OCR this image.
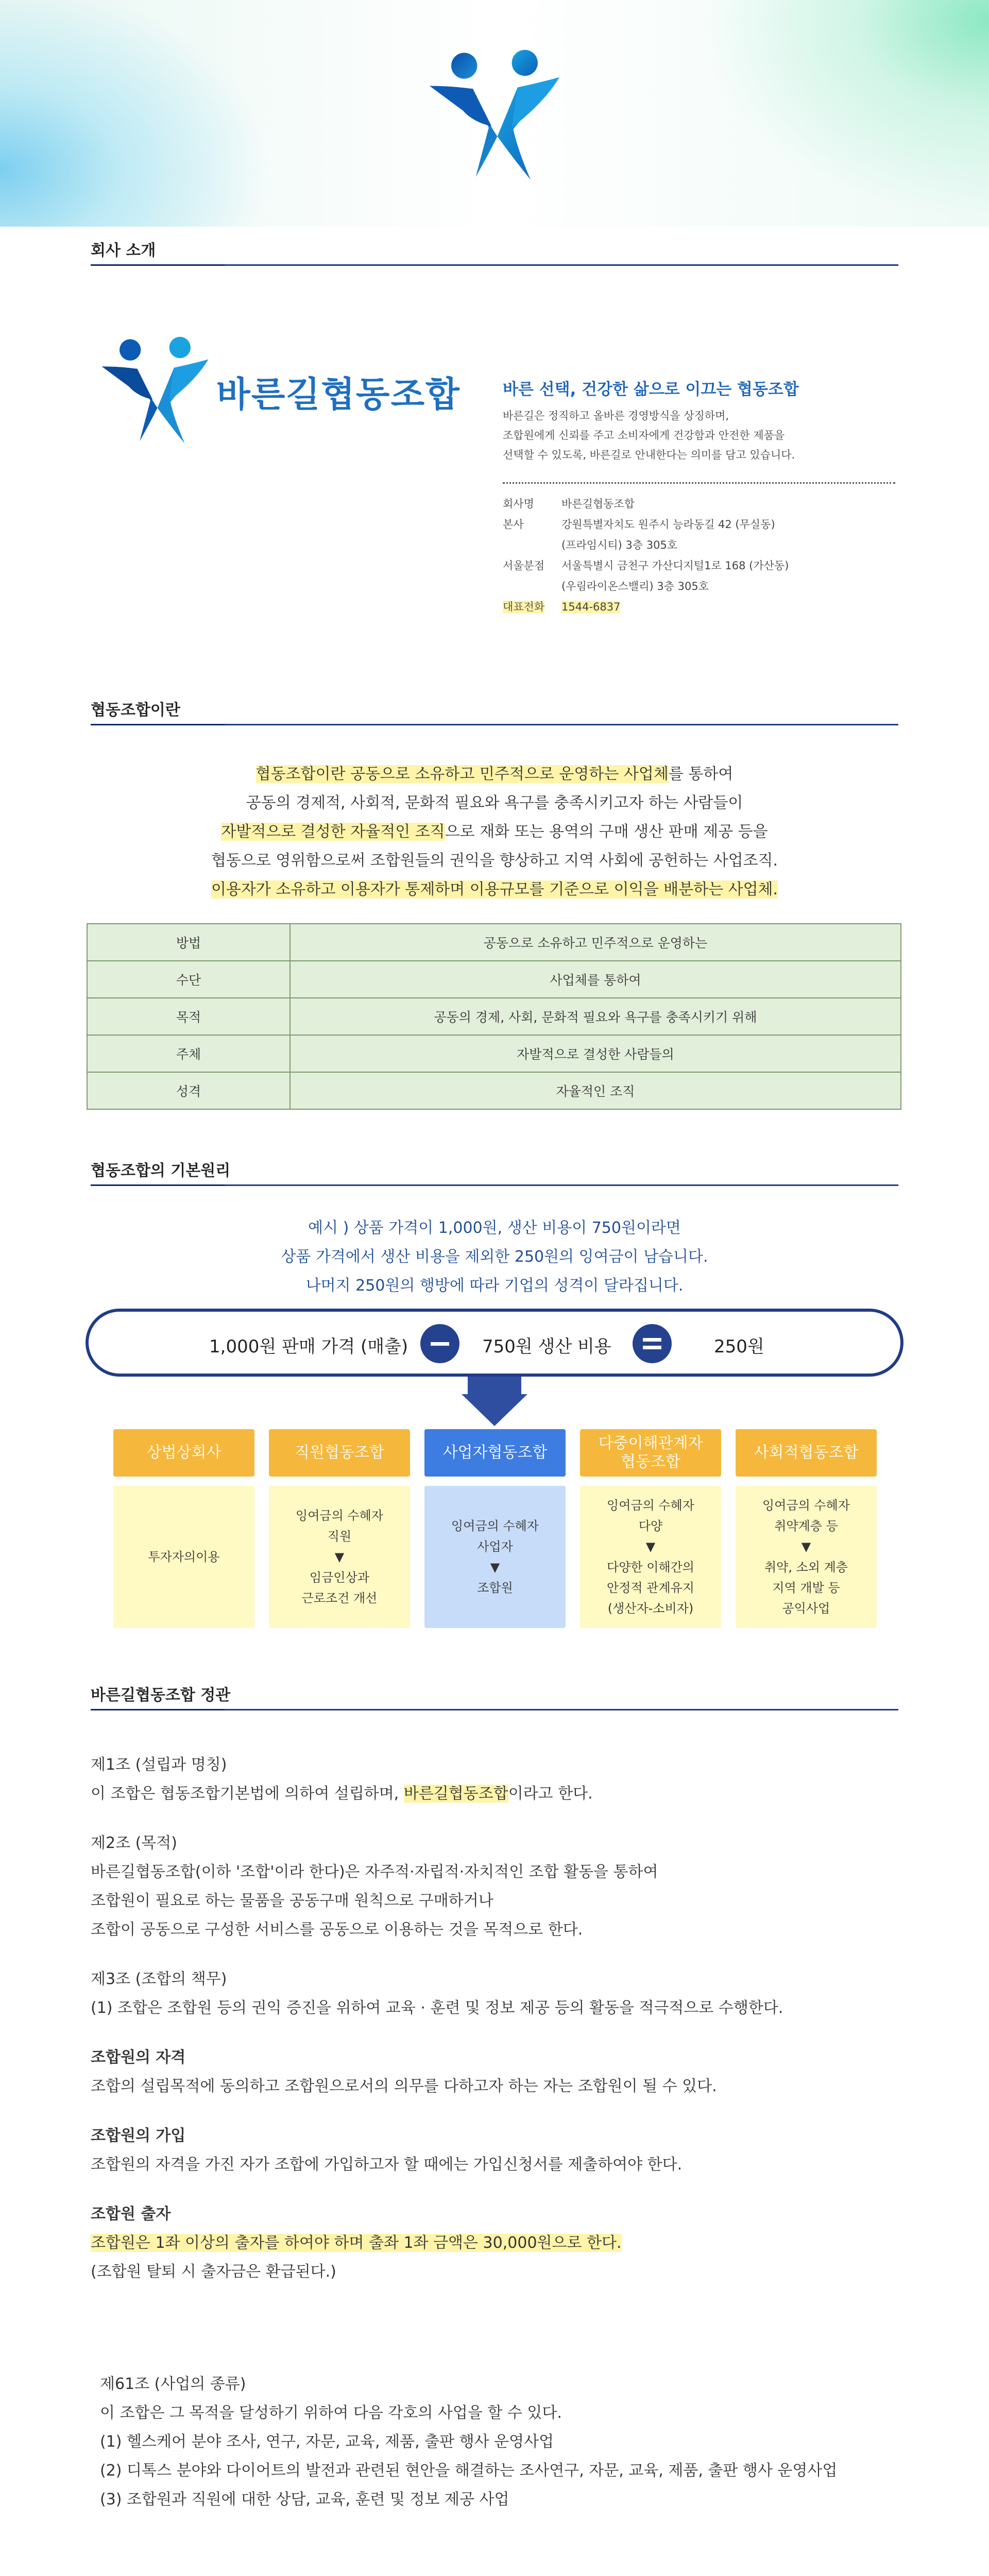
회사 소개
바른길협동조합	바른 선택, 건강한 삶으로 이끄는 협동조합
바른길은 정직하고 올바른 경영방식을 상징하며,
조합원에게 신뢰를 주고 소비자에게 건강함과 안전한 제품을
선택할 수 있도록, 바른길로 안내한다는 의미를 담고 있습니다.
회사명	바른길협동조합
본사	강원특별자치도 원주시 능라동길 42 (무실동)
(프라임시티) 3층 305호
서울분점	서울특별시 금천구 가산디지털1로 168 (가산동)
(우림라이온스밸리) 3층 305호
대표전화	1544-6837
협동조합이란
협동조합이란 공동으로 소유하고 민주적으로 운영하는 사업체를 통하여
공동의 경제적, 사회적, 문화적 필요와 욕구를 충족시키고자 하는 사람들이
자발적으로 결성한 자율적인 조직으로 재화 또는 용역의 구매 생산 판매 제공 등을
협동으로 영위함으로써 조합원들의 권익을 향상하고 지역 사회에 공헌하는 사업조직.
이용자가 소유하고 이용자가 통제하며 이용규모를 기준으로 이익을 배분하는 사업체.
방법	공동으로 소유하고 민주적으로 운영하는
수단	사업체를 통하여
목적	공동의 경제, 사회, 문화적 필요와 욕구를 충족시키기 위해
주체	자발적으로 결성한 사람들의
성격	자율적인 조직
협동조합의 기본원리
예시 ) 상품 가격이 1,000원, 생산 비용이 750원이라면
상품 가격에서 생산 비용을 제외한 250원의 잉여금이 남습니다.
나머지 250원의 행방에 따라 기업의 성격이 달라집니다.
1,000원 판매 가격 (매출)	750원 생산 비용	250원
상법상회사
투자자의이용
직원협동조합
잉여금의 수혜자
직원
▼
임금인상과
근로조건 개선
사업자협동조합
잉여금의 수혜자
사업자
▼
조합원
다중이해관계자
협동조합
잉여금의 수혜자
다양
▼
다양한 이해간의
안정적 관계유지
(생산자-소비자)
사회적협동조합
잉여금의 수혜자
취약계층 등
▼
취약, 소외 계층
지역 개발 등
공익사업
바른길협동조합 정관
제1조 (설립과 명칭)
이 조합은 협동조합기본법에 의하여 설립하며, 바른길협동조합이라고 한다.
제2조 (목적)
바른길협동조합(이하 '조합'이라 한다)은 자주적·자립적·자치적인 조합 활동을 통하여
조합원이 필요로 하는 물품을 공동구매 원칙으로 구매하거나
조합이 공동으로 구성한 서비스를 공동으로 이용하는 것을 목적으로 한다.
제3조 (조합의 책무)
(1) 조합은 조합원 등의 권익 증진을 위하여 교육 · 훈련 및 정보 제공 등의 활동을 적극적으로 수행한다.
조합원의 자격
조합의 설립목적에 동의하고 조합원으로서의 의무를 다하고자 하는 자는 조합원이 될 수 있다.
조합원의 가입
조합원의 자격을 가진 자가 조합에 가입하고자 할 때에는 가입신청서를 제출하여야 한다.
조합원 출자
조합원은 1좌 이상의 출자를 하여야 하며 출좌 1좌 금액은 30,000원으로 한다.
(조합원 탈퇴 시 출자금은 환급된다.)
제61조 (사업의 종류)
이 조합은 그 목적을 달성하기 위하여 다음 각호의 사업을 할 수 있다.
(1) 헬스케어 분야 조사, 연구, 자문, 교육, 제품, 출판 행사 운영사업
(2) 디톡스 분야와 다이어트의 발전과 관련된 현안을 해결하는 조사연구, 자문, 교육, 제품, 출판 행사 운영사업
(3) 조합원과 직원에 대한 상담, 교육, 훈련 및 정보 제공 사업
